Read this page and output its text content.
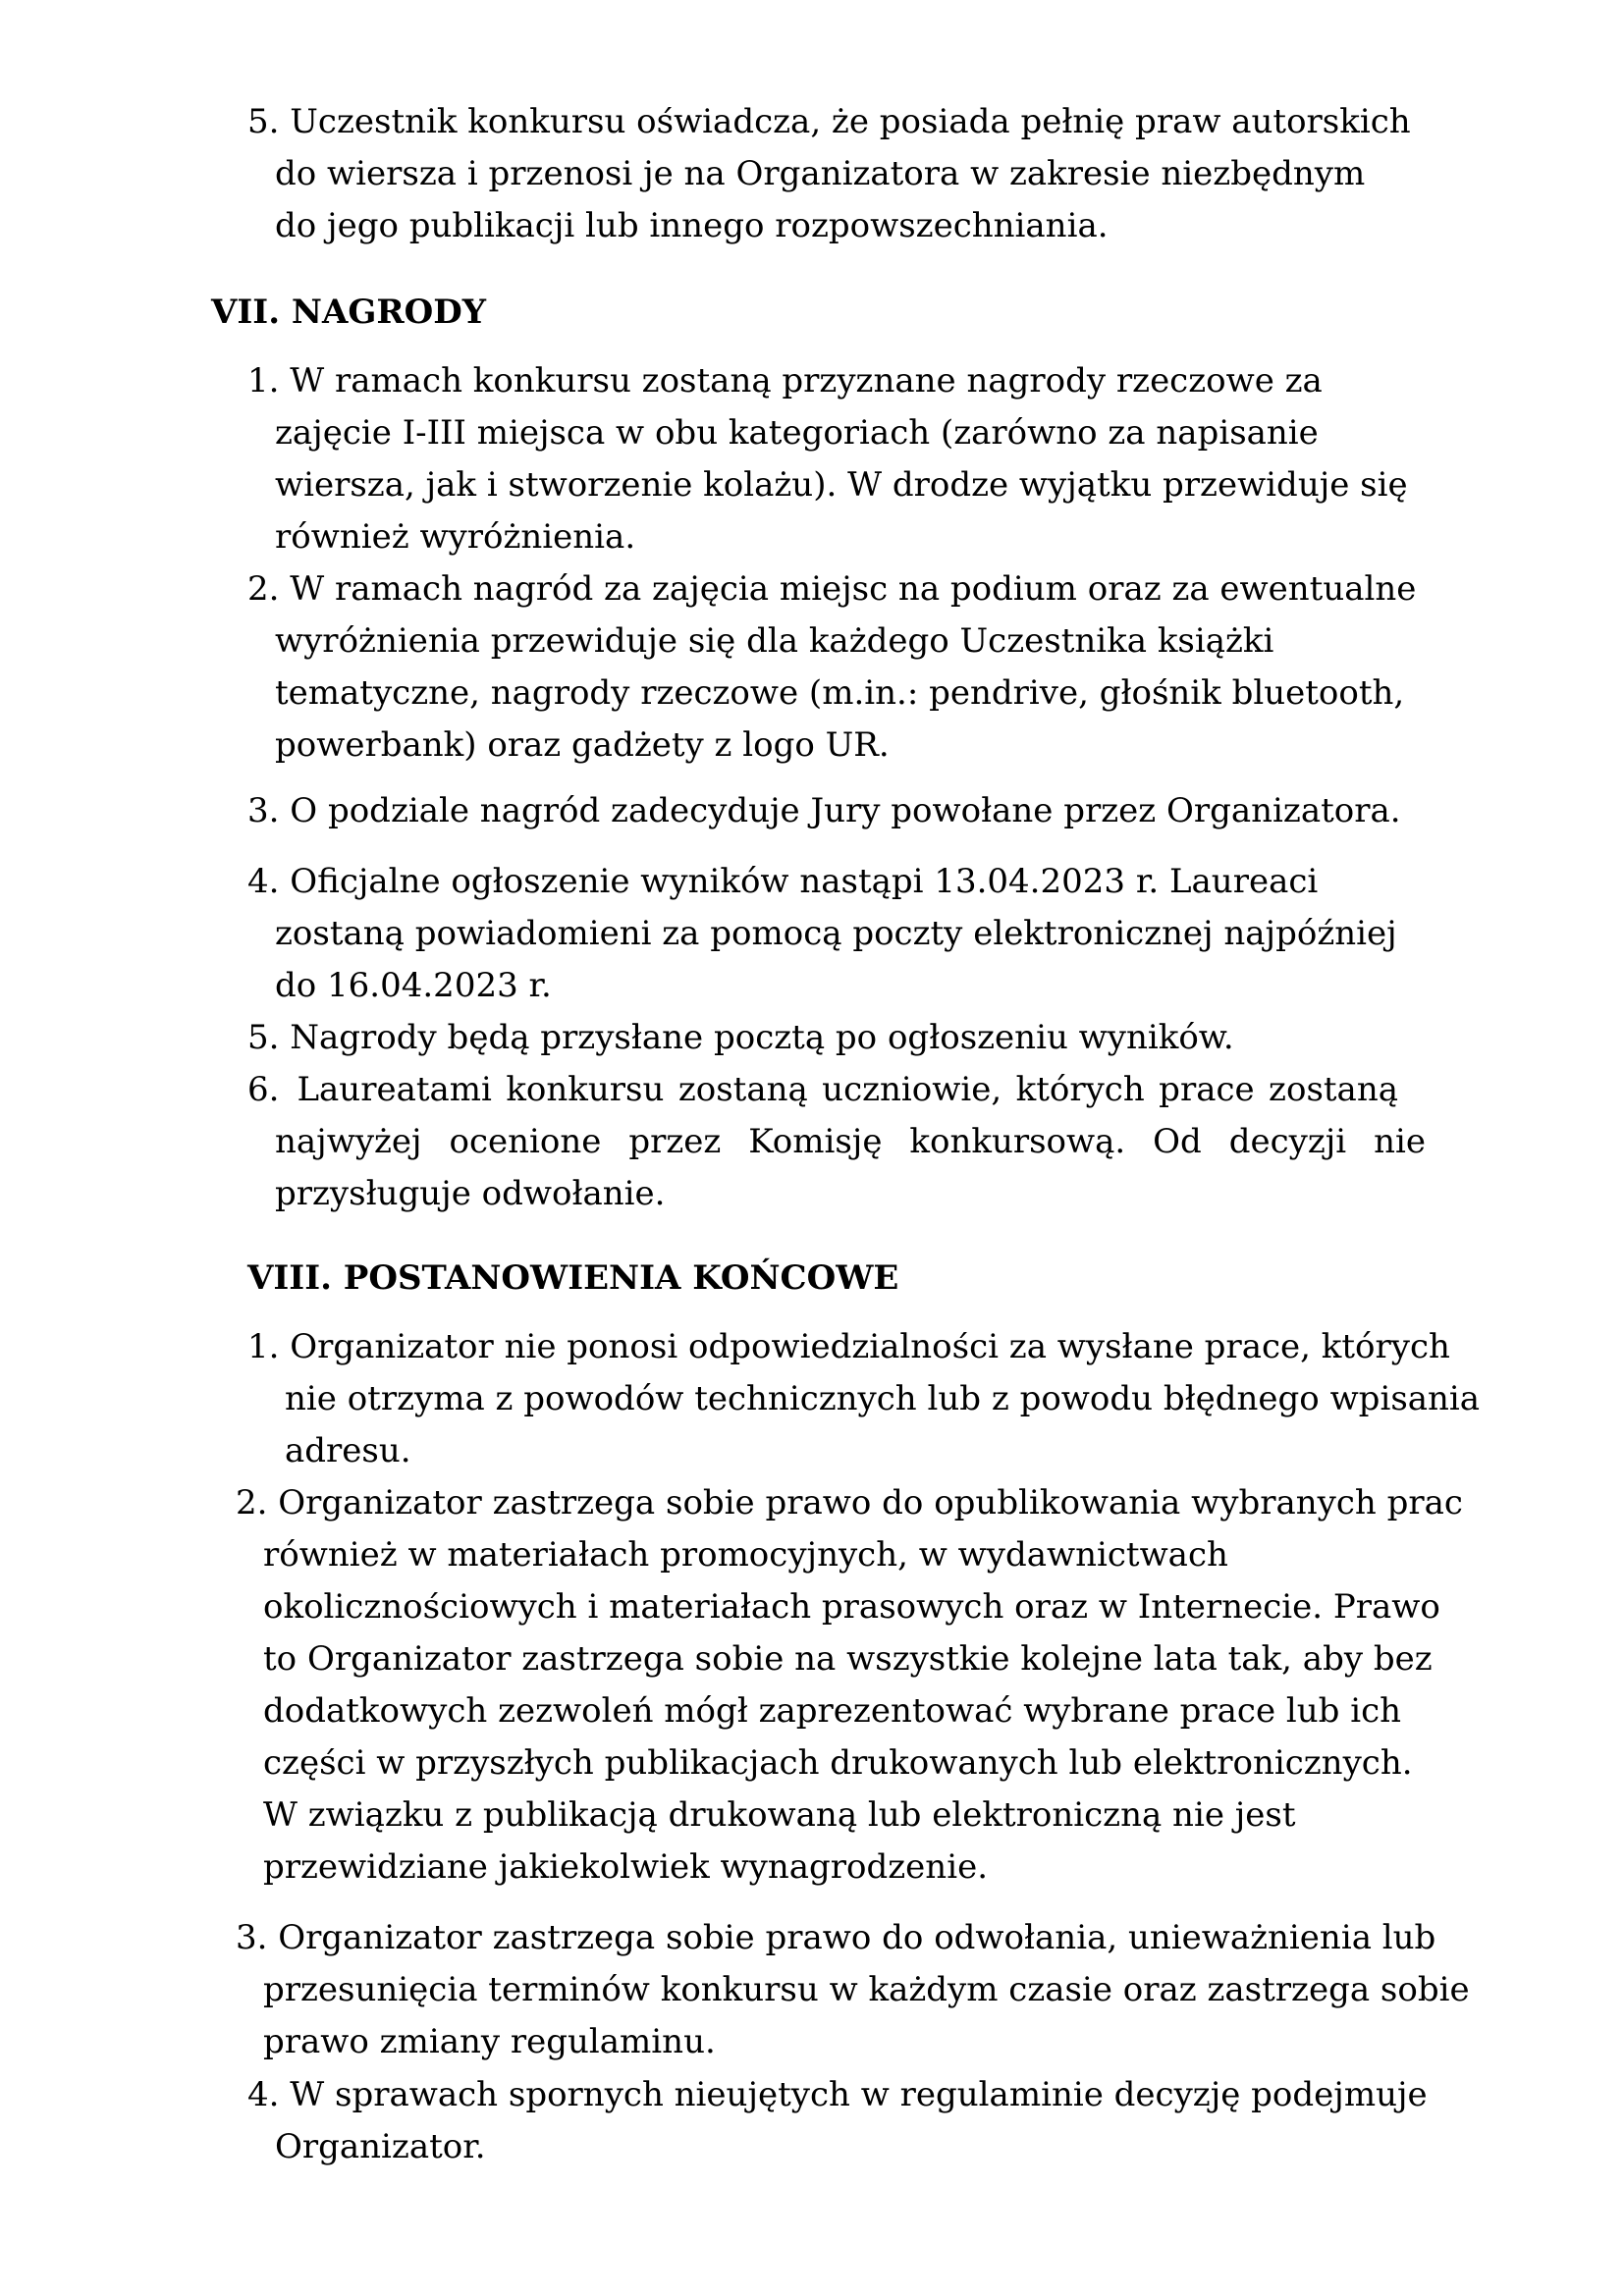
5. Uczestnik konkursu oświadcza, że posiada pełnię praw autorskich
do wiersza i przenosi je na Organizatora w zakresie niezbędnym
do jego publikacji lub innego rozpowszechniania.
VII. NAGRODY
1. W ramach konkursu zostaną przyznane nagrody rzeczowe za
zajęcie I-III miejsca w obu kategoriach (zarówno za napisanie
wiersza, jak i stworzenie kolażu). W drodze wyjątku przewiduje się
również wyróżnienia.
2. W ramach nagród za zajęcia miejsc na podium oraz za ewentualne
wyróżnienia przewiduje się dla każdego Uczestnika książki
tematyczne, nagrody rzeczowe (m.in.: pendrive, głośnik bluetooth,
powerbank) oraz gadżety z logo UR.
3. O podziale nagród zadecyduje Jury powołane przez Organizatora.
4. Oficjalne ogłoszenie wyników nastąpi 13.04.2023 r. Laureaci
zostaną powiadomieni za pomocą poczty elektronicznej najpóźniej
do 16.04.2023 r.
5. Nagrody będą przysłane pocztą po ogłoszeniu wyników.
6. Laureatami konkursu zostaną uczniowie, których prace zostaną
najwyżej ocenione przez Komisję konkursową. Od decyzji nie
przysługuje odwołanie.
VIII. POSTANOWIENIA KOŃCOWE
1. Organizator nie ponosi odpowiedzialności za wysłane prace, których
nie otrzyma z powodów technicznych lub z powodu błędnego wpisania
adresu.
2. Organizator zastrzega sobie prawo do opublikowania wybranych prac
również w materiałach promocyjnych, w wydawnictwach
okolicznościowych i materiałach prasowych oraz w Internecie. Prawo
to Organizator zastrzega sobie na wszystkie kolejne lata tak, aby bez
dodatkowych zezwoleń mógł zaprezentować wybrane prace lub ich
części w przyszłych publikacjach drukowanych lub elektronicznych.
W związku z publikacją drukowaną lub elektroniczną nie jest
przewidziane jakiekolwiek wynagrodzenie.
3. Organizator zastrzega sobie prawo do odwołania, unieważnienia lub
przesunięcia terminów konkursu w każdym czasie oraz zastrzega sobie
prawo zmiany regulaminu.
4. W sprawach spornych nieujętych w regulaminie decyzję podejmuje
Organizator.
